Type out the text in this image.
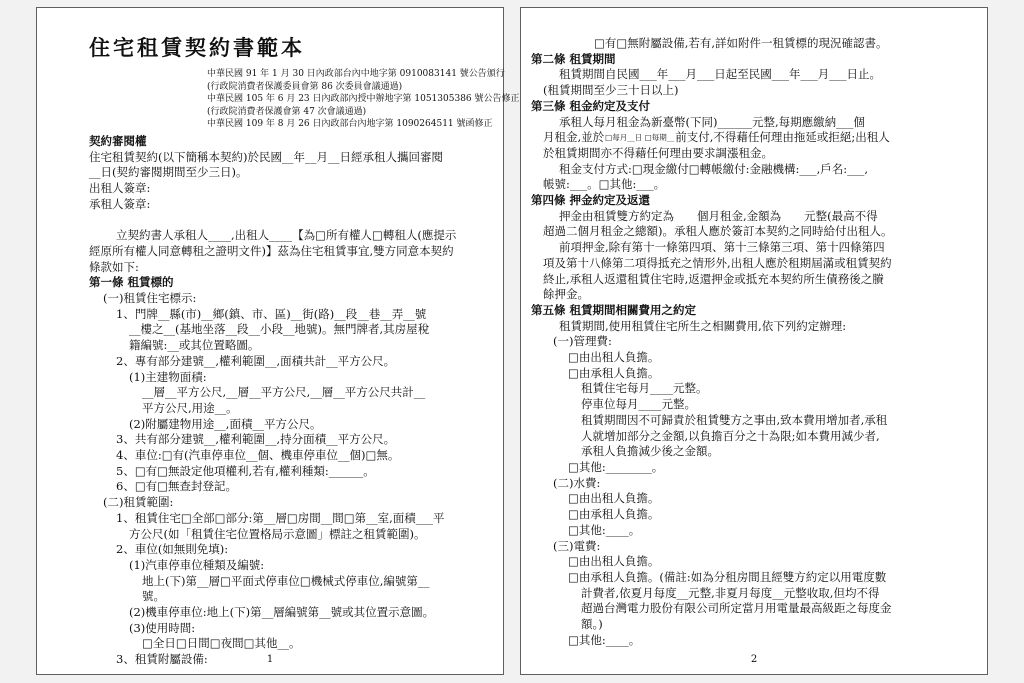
住宅租賃契約書範本
中華民國 91 年 1 月 30 日內政部台內中地字第 0910083141 號公告頒行
(行政院消費者保護委員會第 86 次委員會議通過)
中華民國 105 年 6 月 23 日內政部內授中辦地字第 1051305386 號公告修正
(行政院消費者保護會第 47 次會議通過)
中華民國 109 年 8 月 26 日內政部台內地字第 1090264511 號函修正
契約審閱權
住宅租賃契約(以下簡稱本契約)於民國__年__月__日經承租人攜回審閱
__日(契約審閱期間至少三日)。
出租人簽章:
承租人簽章:
立契約書人承租人____,出租人____【為□所有權人□轉租人(應提示
經原所有權人同意轉租之證明文件)】茲為住宅租賃事宜,雙方同意本契約
條款如下:
第一條 租賃標的
(一)租賃住宅標示:
1、門牌__縣(市)__鄉(鎮、市、區)__街(路)__段__巷__弄__號
__樓之__(基地坐落__段__小段__地號)。無門牌者,其房屋稅
籍編號:__或其位置略圖。
2、專有部分建號__,權利範圍__,面積共計__平方公尺。
(1)主建物面積:
__層__平方公尺,__層__平方公尺,__層__平方公尺共計__
平方公尺,用途__。
(2)附屬建物用途__,面積__平方公尺。
3、共有部分建號__,權利範圍__,持分面積__平方公尺。
4、車位:□有(汽車停車位__個、機車停車位__個)□無。
5、□有□無設定他項權利,若有,權利種類:______。
6、□有□無查封登記。
(二)租賃範圍:
1、租賃住宅□全部□部分:第__層□房間__間□第__室,面積___平
方公尺(如「租賃住宅位置格局示意圖」標註之租賃範圍)。
2、車位(如無則免填):
(1)汽車停車位種類及編號:
地上(下)第__層□平面式停車位□機械式停車位,編號第__
號。
(2)機車停車位:地上(下)第__層編號第__號或其位置示意圖。
(3)使用時間:
□全日□日間□夜間□其他__。
3、租賃附屬設備:	1
□有□無附屬設備,若有,詳如附件一租賃標的現況確認書。
第二條 租賃期間
租賃期間自民國___年___月___日起至民國___年___月___日止。
(租賃期間至少三十日以上)
第三條 租金約定及支付
承租人每月租金為新臺幣(下同)______元整,每期應繳納___個
月租金,並於 □每月__日 □每期__ 前支付,不得藉任何理由拖延或拒絕;出租人
於租賃期間亦不得藉任何理由要求調漲租金。
租金支付方式:□現金繳付□轉帳繳付:金融機構:___,戶名:___,
帳號:___。□其他:___。
第四條 押金約定及返還
押金由租賃雙方約定為　　個月租金,金額為　　元整(最高不得
超過二個月租金之總額)。承租人應於簽訂本契約之同時給付出租人。
前項押金,除有第十一條第四項、第十三條第三項、第十四條第四
項及第十八條第二項得抵充之情形外,出租人應於租期屆滿或租賃契約
終止,承租人返還租賃住宅時,返還押金或抵充本契約所生債務後之賸
餘押金。
第五條 租賃期間相關費用之約定
租賃期間,使用租賃住宅所生之相關費用,依下列約定辦理:
(一)管理費:
□由出租人負擔。
□由承租人負擔。
租賃住宅每月____元整。
停車位每月____元整。
租賃期間因不可歸責於租賃雙方之事由,致本費用增加者,承租
人就增加部分之金額,以負擔百分之十為限;如本費用減少者,
承租人負擔減少後之金額。
□其他:________。
(二)水費:
□由出租人負擔。
□由承租人負擔。
□其他:____。
(三)電費:
□由出租人負擔。
□由承租人負擔。(備註:如為分租房間且經雙方約定以用電度數
計費者,依夏月每度__元整,非夏月每度__元整收取,但均不得
超過台灣電力股份有限公司所定當月用電量最高級距之每度金
額。)
□其他:____。
2
